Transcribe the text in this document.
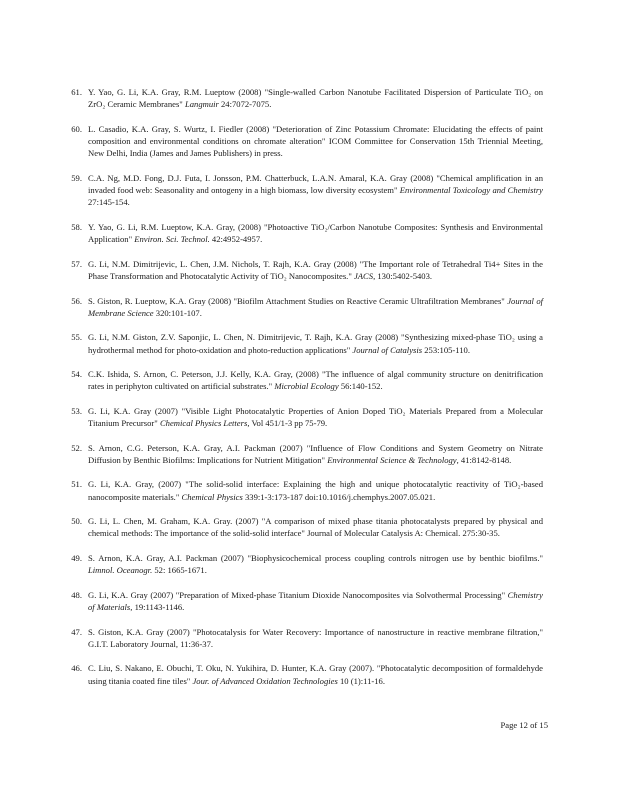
61. Y. Yao, G. Li, K.A. Gray, R.M. Lueptow (2008) "Single-walled Carbon Nanotube Facilitated Dispersion of Particulate TiO₂ on ZrO₂ Ceramic Membranes" Langmuir 24:7072-7075.
60. L. Casadio, K.A. Gray, S. Wurtz, I. Fiedler (2008) "Deterioration of Zinc Potassium Chromate: Elucidating the effects of paint composition and environmental conditions on chromate alteration" ICOM Committee for Conservation 15th Triennial Meeting, New Delhi, India (James and James Publishers) in press.
59. C.A. Ng, M.D. Fong, D.J. Futa, I. Jonsson, P.M. Chatterbuck, L.A.N. Amaral, K.A. Gray (2008) "Chemical amplification in an invaded food web: Seasonality and ontogeny in a high biomass, low diversity ecosystem" Environmental Toxicology and Chemistry 27:145-154.
58. Y. Yao, G. Li, R.M. Lueptow, K.A. Gray, (2008) "Photoactive TiO₂/Carbon Nanotube Composites: Synthesis and Environmental Application" Environ. Sci. Technol. 42:4952-4957.
57. G. Li, N.M. Dimitrijevic, L. Chen, J.M. Nichols, T. Rajh, K.A. Gray (2008) "The Important role of Tetrahedral Ti4+ Sites in the Phase Transformation and Photocatalytic Activity of TiO₂ Nanocomposites." JACS, 130:5402-5403.
56. S. Giston, R. Lueptow, K.A. Gray (2008) "Biofilm Attachment Studies on Reactive Ceramic Ultrafiltration Membranes" Journal of Membrane Science 320:101-107.
55. G. Li, N.M. Giston, Z.V. Saponjic, L. Chen, N. Dimitrijevic, T. Rajh, K.A. Gray (2008) "Synthesizing mixed-phase TiO₂ using a hydrothermal method for photo-oxidation and photo-reduction applications" Journal of Catalysis 253:105-110.
54. C.K. Ishida, S. Arnon, C. Peterson, J.J. Kelly, K.A. Gray, (2008) "The influence of algal community structure on denitrification rates in periphyton cultivated on artificial substrates." Microbial Ecology 56:140-152.
53. G. Li, K.A. Gray (2007) "Visible Light Photocatalytic Properties of Anion Doped TiO₂ Materials Prepared from a Molecular Titanium Precursor" Chemical Physics Letters, Vol 451/1-3 pp 75-79.
52. S. Arnon, C.G. Peterson, K.A. Gray, A.I. Packman (2007) "Influence of Flow Conditions and System Geometry on Nitrate Diffusion by Benthic Biofilms: Implications for Nutrient Mitigation" Environmental Science & Technology, 41:8142-8148.
51. G. Li, K.A. Gray, (2007) "The solid-solid interface: Explaining the high and unique photocatalytic reactivity of TiO₂-based nanocomposite materials." Chemical Physics 339:1-3:173-187 doi:10.1016/j.chemphys.2007.05.021.
50. G. Li, L. Chen, M. Graham, K.A. Gray. (2007) "A comparison of mixed phase titania photocatalysts prepared by physical and chemical methods: The importance of the solid-solid interface" Journal of Molecular Catalysis A: Chemical. 275:30-35.
49. S. Arnon, K.A. Gray, A.I. Packman (2007) "Biophysicochemical process coupling controls nitrogen use by benthic biofilms." Limnol. Oceanogr. 52: 1665-1671.
48. G. Li, K.A. Gray (2007) "Preparation of Mixed-phase Titanium Dioxide Nanocomposites via Solvothermal Processing" Chemistry of Materials, 19:1143-1146.
47. S. Giston, K.A. Gray (2007) "Photocatalysis for Water Recovery: Importance of nanostructure in reactive membrane filtration," G.I.T. Laboratory Journal, 11:36-37.
46. C. Liu, S. Nakano, E. Obuchi, T. Oku, N. Yukihira, D. Hunter, K.A. Gray (2007). "Photocatalytic decomposition of formaldehyde using titania coated fine tiles" Jour. of Advanced Oxidation Technologies 10 (1):11-16.
Page 12 of 15
